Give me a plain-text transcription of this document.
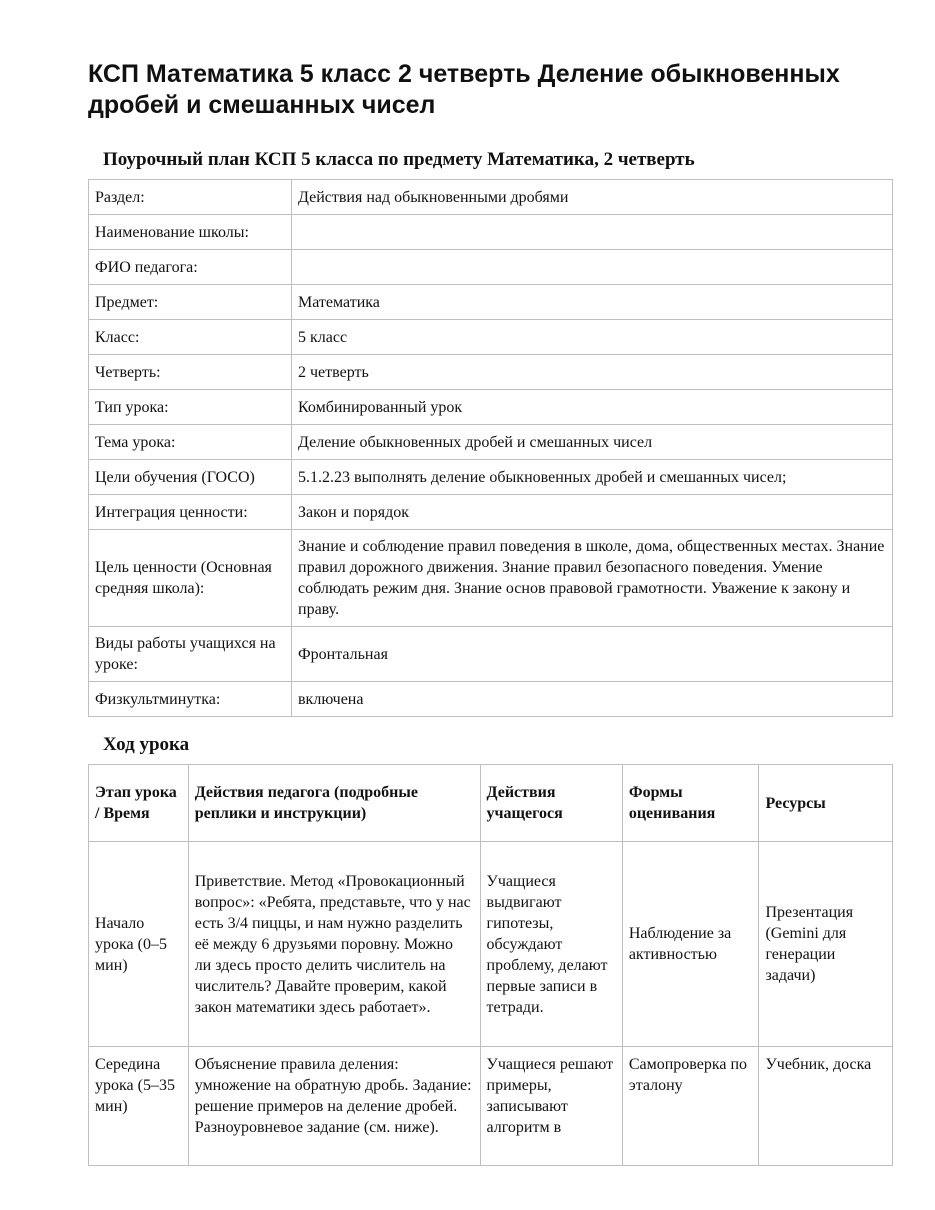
КСП Математика 5 класс 2 четверть Деление обыкновенных дробей и смешанных чисел
Поурочный план КСП 5 класса по предмету Математика, 2 четверть
Раздел:	Действия над обыкновенными дробями
Наименование школы:	
ФИО педагога:	
Предмет:	Математика
Класс:	5 класс
Четверть:	2 четверть
Тип урока:	Комбинированный урок
Тема урока:	Деление обыкновенных дробей и смешанных чисел
Цели обучения (ГОСО)	5.1.2.23 выполнять деление обыкновенных дробей и смешанных чисел;
Интеграция ценности:	Закон и порядок
Цель ценности (Основная средняя школа):	Знание и соблюдение правил поведения в школе, дома, общественных местах. Знание правил дорожного движения. Знание правил безопасного поведения. Умение соблюдать режим дня. Знание основ правовой грамотности. Уважение к закону и праву.
Виды работы учащихся на уроке:	Фронтальная
Физкультминутка:	включена
Ход урока
Этап урока / Время	Действия педагога (подробные реплики и инструкции)	Действия учащегося	Формы оценивания	Ресурсы
Начало урока (0–5 мин)	Приветствие. Метод «Провокационный вопрос»: «Ребята, представьте, что у нас есть 3/4 пиццы, и нам нужно разделить её между 6 друзьями поровну. Можно ли здесь просто делить числитель на числитель? Давайте проверим, какой закон математики здесь работает».	Учащиеся выдвигают гипотезы, обсуждают проблему, делают первые записи в тетради.	Наблюдение за активностью	Презентация (Gemini для генерации задачи)
Середина урока (5–35 мин)	Объяснение правила деления: умножение на обратную дробь. Задание: решение примеров на деление дробей. Разноуровневое задание (см. ниже).	Учащиеся решают примеры, записывают алгоритм в	Самопроверка по эталону	Учебник, доска
